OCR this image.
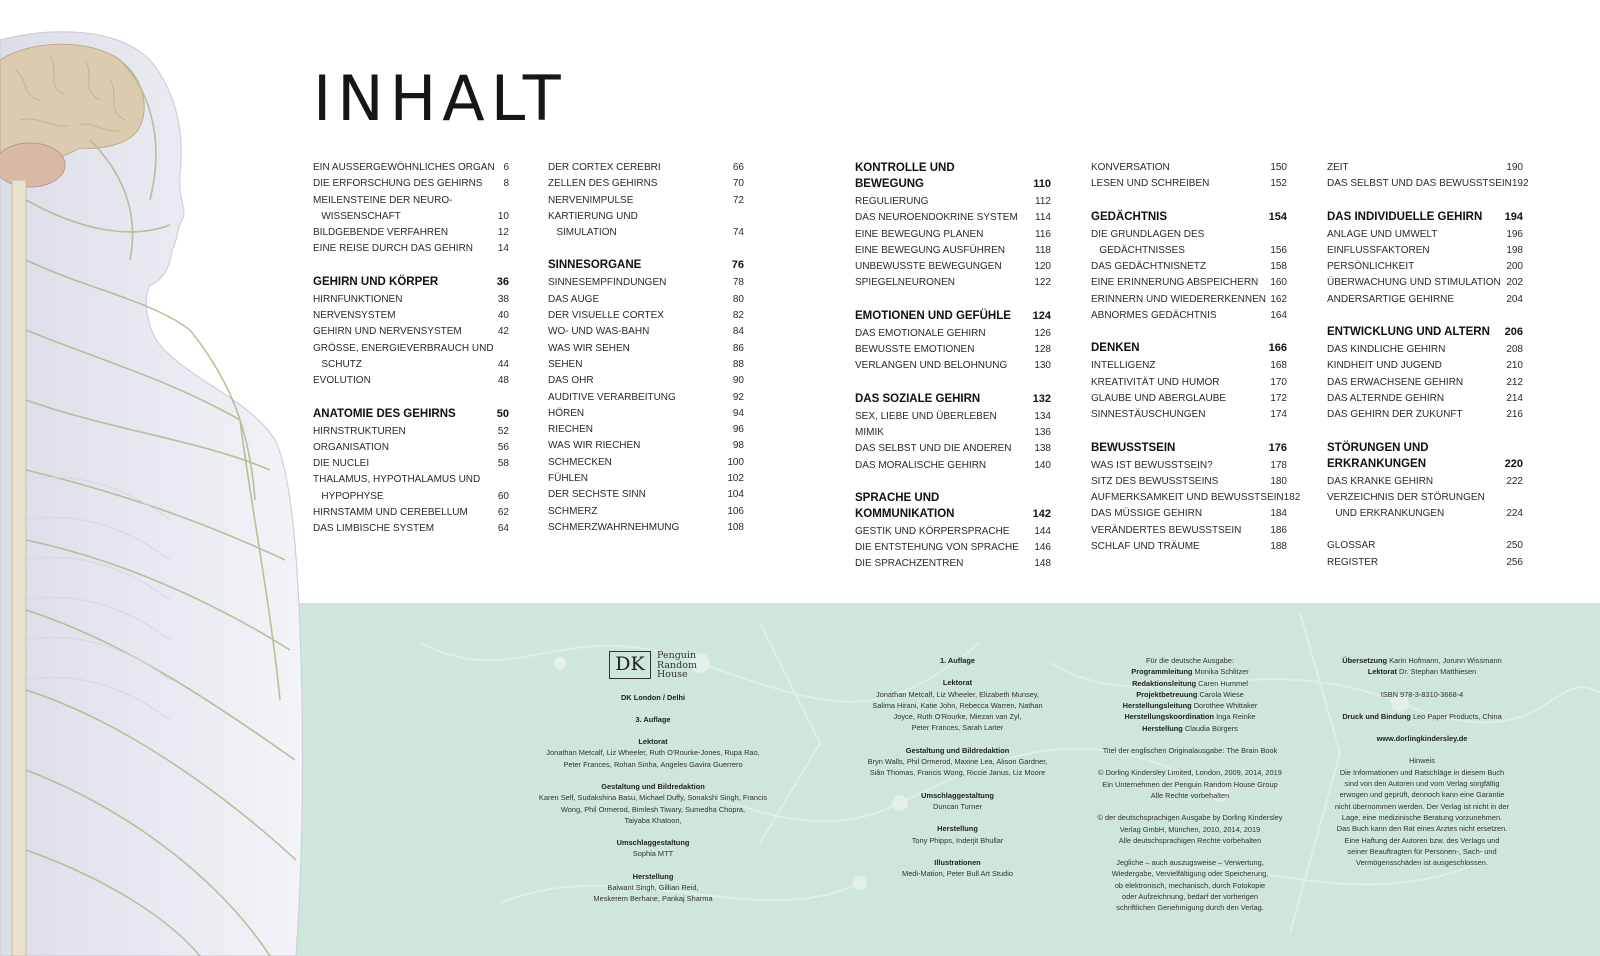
INHALT
EIN AUSSERGEWÖHNLICHES ORGAN 6
DIE ERFORSCHUNG DES GEHIRNS 8
MEILENSTEINE DER NEURO-
WISSENSCHAFT	10
BILDGEBENDE VERFAHREN	12
EINE REISE DURCH DAS GEHIRN 14
GEHIRN UND KÖRPER	36
HIRNFUNKTIONEN	38
NERVENSYSTEM	40
GEHIRN UND NERVENSYSTEM	42
GRÖSSE, ENERGIEVERBRAUCH UND
SCHUTZ	44
EVOLUTION	48
ANATOMIE DES GEHIRNS	50
HIRNSTRUKTUREN	52
ORGANISATION	56
DIE NUCLEI	58
THALAMUS, HYPOTHALAMUS UND
HYPOPHYSE	60
HIRNSTAMM UND CEREBELLUM	62
DAS LIMBISCHE SYSTEM	64
DER CORTEX CEREBRI	66
ZELLEN DES GEHIRNS	70
NERVENIMPULSE	72
KARTIERUNG UND
SIMULATION	74
SINNESORGANE	76
SINNESEMPFINDUNGEN	78
DAS AUGE	80
DER VISUELLE CORTEX	82
WO- UND WAS-BAHN	84
WAS WIR SEHEN	86
SEHEN	88
DAS OHR	90
AUDITIVE VERARBEITUNG	92
HÖREN	94
RIECHEN	96
WAS WIR RIECHEN	98
SCHMECKEN	100
FÜHLEN	102
DER SECHSTE SINN	104
SCHMERZ	106
SCHMERZWAHRNEHMUNG	108
KONTROLLE UND
BEWEGUNG	110
REGULIERUNG	112
DAS NEUROENDOKRINE SYSTEM 114
EINE BEWEGUNG PLANEN	116
EINE BEWEGUNG AUSFÜHREN	118
UNBEWUSSTE BEWEGUNGEN	120
SPIEGELNEURONEN	122
EMOTIONEN UND GEFÜHLE 124
DAS EMOTIONALE GEHIRN	126
BEWUSSTE EMOTIONEN	128
VERLANGEN UND BELOHNUNG	130
DAS SOZIALE GEHIRN	132
SEX, LIEBE UND ÜBERLEBEN	134
MIMIK	136
DAS SELBST UND DIE ANDEREN 138
DAS MORALISCHE GEHIRN	140
SPRACHE UND
KOMMUNIKATION	142
GESTIK UND KÖRPERSPRACHE 144
DIE ENTSTEHUNG VON SPRACHE 146
DIE SPRACHZENTREN	148
KONVERSATION	150
LESEN UND SCHREIBEN	152
GEDÄCHTNIS	154
DIE GRUNDLAGEN DES
GEDÄCHTNISSES	156
DAS GEDÄCHTNISNETZ	158
EINE ERINNERUNG ABSPEICHERN 160
ERINNERN UND WIEDERERKENNEN 162
ABNORMES GEDÄCHTNIS	164
DENKEN	166
INTELLIGENZ	168
KREATIVITÄT UND HUMOR	170
GLAUBE UND ABERGLAUBE	172
SINNESTÄUSCHUNGEN	174
BEWUSSTSEIN	176
WAS IST BEWUSSTSEIN?	178
SITZ DES BEWUSSTSEINS	180
AUFMERKSAMKEIT UND BEWUSSTSEIN 182
DAS MÜSSIGE GEHIRN	184
VERÄNDERTES BEWUSSTSEIN	186
SCHLAF UND TRÄUME	188
ZEIT	190
DAS SELBST UND DAS BEWUSSTSEIN 192
DAS INDIVIDUELLE GEHIRN 194
ANLAGE UND UMWELT	196
EINFLUSSFAKTOREN	198
PERSÖNLICHKEIT	200
ÜBERWACHUNG UND STIMULATION 202
ANDERSARTIGE GEHIRNE	204
ENTWICKLUNG UND ALTERN 206
DAS KINDLICHE GEHIRN	208
KINDHEIT UND JUGEND	210
DAS ERWACHSENE GEHIRN	212
DAS ALTERNDE GEHIRN	214
DAS GEHIRN DER ZUKUNFT	216
STÖRUNGEN UND
ERKRANKUNGEN	220
DAS KRANKE GEHIRN	222
VERZEICHNIS DER STÖRUNGEN
UND ERKRANKUNGEN	224
GLOSSAR	250
REGISTER	256
DK	Penguin
Random
House
DK London / Delhi
3. Auflage
Lektorat
Jonathan Metcalf, Liz Wheeler, Ruth O'Rourke-Jones, Rupa Rao,
Peter Frances, Rohan Sinha, Angeles Gavira Guerrero
Gestaltung und Bildredaktion
Karen Self, Sudakshina Basu, Michael Duffy, Sonakshi Singh, Francis
Wong, Phil Ormerod, Bimlesh Tiwary, Sumedha Chopra,
Taiyaba Khatoon,
Umschlaggestaltung
Sophia MTT
Herstellung
Balwant Singh, Gillian Reid,
Meskerem Berhane, Pankaj Sharma
1. Auflage
Lektorat
Jonathan Metcalf, Liz Wheeler, Elizabeth Munsey,
Salima Hirani, Katie John, Rebecca Warren, Nathan
Joyce, Ruth O'Rourke, Miezan van Zyl,
Peter Frances, Sarah Larter
Gestaltung und Bildredaktion
Bryn Walls, Phil Ormerod, Maxine Lea, Alison Gardner,
Siân Thomas, Francis Wong, Riccie Janus, Liz Moore
Umschlaggestaltung
Duncan Turner
Herstellung
Tony Phipps, Inderjit Bhullar
Illustrationen
Medi-Mation, Peter Bull Art Studio
Für die deutsche Ausgabe:
Programmleitung Monika Schlitzer
Redaktionsleitung Caren Hummel
Projektbetreuung Carola Wiese
Herstellungsleitung Dorothee Whittaker
Herstellungskoordination Inga Reinke
Herstellung Claudia Bürgers
Titel der englischen Originalausgabe: The Brain Book
© Dorling Kindersley Limited, London, 2009, 2014, 2019
Ein Unternehmen der Penguin Random House Group
Alle Rechte vorbehalten
© der deutschsprachigen Ausgabe by Dorling Kindersley
Verlag GmbH, München, 2010, 2014, 2019
Alle deutschsprachigen Rechte vorbehalten
Jegliche – auch auszugsweise – Verwertung,
Wiedergabe, Vervielfältigung oder Speicherung,
ob elektronisch, mechanisch, durch Fotokopie
oder Aufzeichnung, bedarf der vorherigen
schriftlichen Genehmigung durch den Verlag.
Übersetzung Karin Hofmann, Jorunn Wissmann
Lektorat Dr. Stephan Matthiesen
ISBN 978-3-8310-3668-4
Druck und Bindung Leo Paper Products, China
www.dorlingkindersley.de
Hinweis
Die Informationen und Ratschläge in diesem Buch
sind von den Autoren und vom Verlag sorgfältig
erwogen und geprüft, dennoch kann eine Garantie
nicht übernommen werden. Der Verlag ist nicht in der
Lage, eine medizinische Beratung vorzunehmen.
Das Buch kann den Rat eines Arztes nicht ersetzen.
Eine Haftung der Autoren bzw. des Verlags und
seiner Beauftragten für Personen-, Sach- und
Vermögensschäden ist ausgeschlossen.
